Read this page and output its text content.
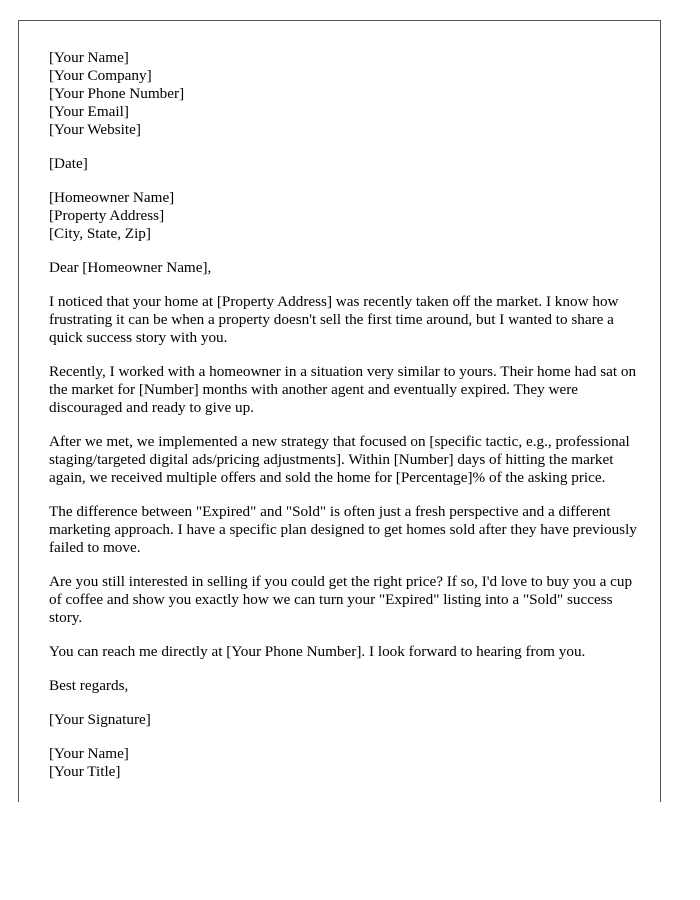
[Your Name]
[Your Company]
[Your Phone Number]
[Your Email]
[Your Website]
[Date]
[Homeowner Name]
[Property Address]
[City, State, Zip]

Dear [Homeowner Name],

I noticed that your home at [Property Address] was recently taken off the market. I know how frustrating it can be when a property doesn't sell the first time around, but I wanted to share a quick success story with you.

Recently, I worked with a homeowner in a situation very similar to yours. Their home had sat on the market for [Number] months with another agent and eventually expired. They were discouraged and ready to give up.

After we met, we implemented a new strategy that focused on [specific tactic, e.g., professional staging/targeted digital ads/pricing adjustments]. Within [Number] days of hitting the market again, we received multiple offers and sold the home for [Percentage]% of the asking price.

The difference between "Expired" and "Sold" is often just a fresh perspective and a different marketing approach. I have a specific plan designed to get homes sold after they have previously failed to move.

Are you still interested in selling if you could get the right price? If so, I'd love to buy you a cup of coffee and show you exactly how we can turn your "Expired" listing into a "Sold" success story.

You can reach me directly at [Your Phone Number]. I look forward to hearing from you.

Best regards,

[Your Signature]

[Your Name]
[Your Title]
